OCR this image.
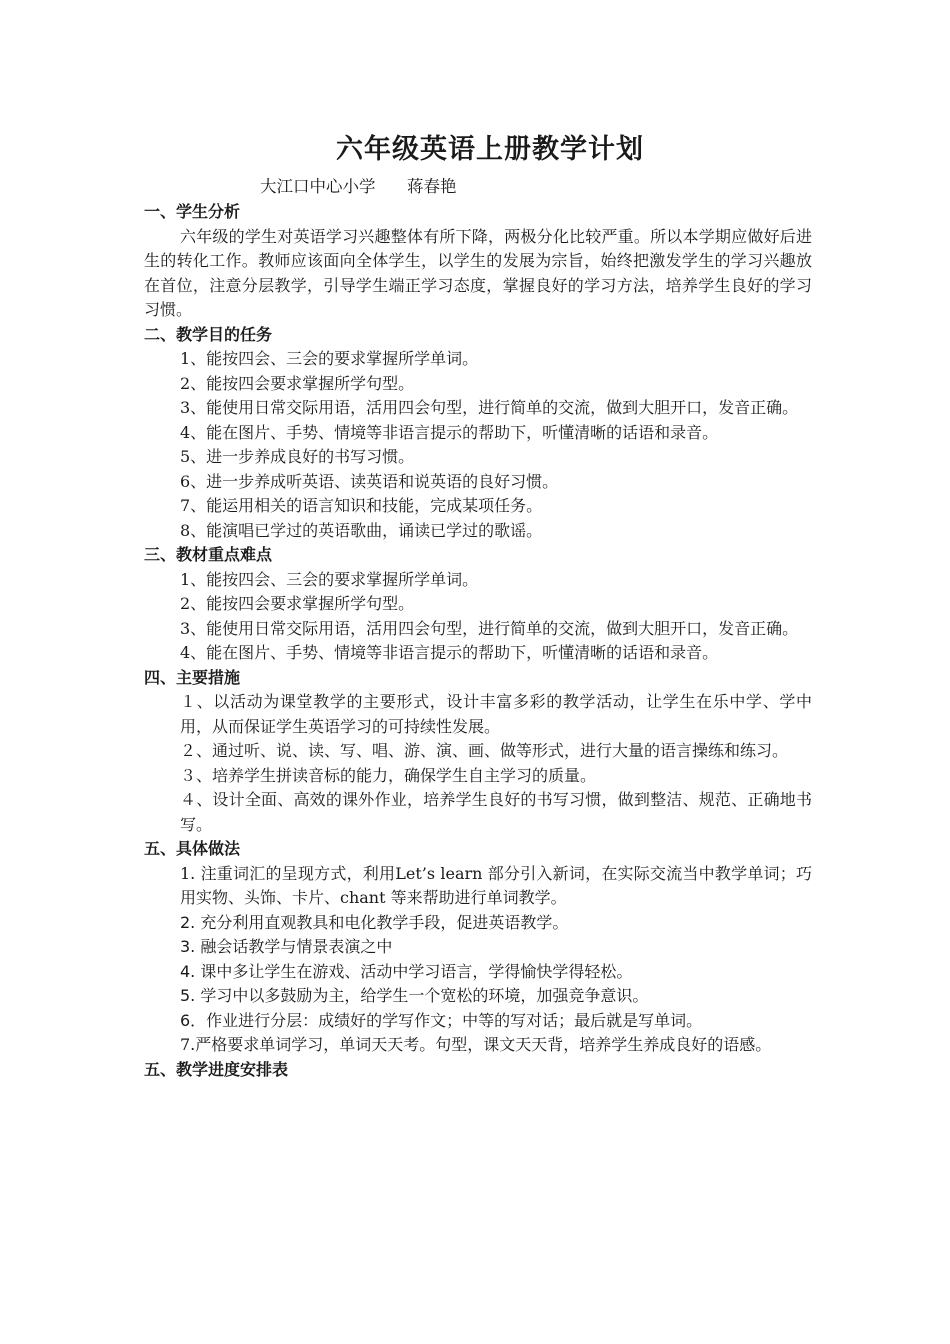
六年级英语上册教学计划
大江口中心小学      蒋春艳
一、学生分析

六年级的学生对英语学习兴趣整体有所下降，两极分化比较严重。所以本学期应做好后进生的转化工作。教师应该面向全体学生，以学生的发展为宗旨，始终把激发学生的学习兴趣放在首位，注意分层教学，引导学生端正学习态度，掌握良好的学习方法，培养学生良好的学习习惯。

二、教学目的任务

1、能按四会、三会的要求掌握所学单词。

2、能按四会要求掌握所学句型。

3、能使用日常交际用语，活用四会句型，进行简单的交流，做到大胆开口，发音正确。

4、能在图片、手势、情境等非语言提示的帮助下，听懂清晰的话语和录音。

5、进一步养成良好的书写习惯。

6、进一步养成听英语、读英语和说英语的良好习惯。

7、能运用相关的语言知识和技能，完成某项任务。

8、能演唱已学过的英语歌曲，诵读已学过的歌谣。

三、教材重点难点

1、能按四会、三会的要求掌握所学单词。

2、能按四会要求掌握所学句型。

3、能使用日常交际用语，活用四会句型，进行简单的交流，做到大胆开口，发音正确。

4、能在图片、手势、情境等非语言提示的帮助下，听懂清晰的话语和录音。

四、主要措施

１、以活动为课堂教学的主要形式，设计丰富多彩的教学活动，让学生在乐中学、学中用，从而保证学生英语学习的可持续性发展。

２、通过听、说、读、写、唱、游、演、画、做等形式，进行大量的语言操练和练习。

３、培养学生拼读音标的能力，确保学生自主学习的质量。

４、设计全面、高效的课外作业，培养学生良好的书写习惯，做到整洁、规范、正确地书写。

五、具体做法

1. 注重词汇的呈现方式，利用Let’s learn 部分引入新词，在实际交流当中教学单词；巧用实物、头饰、卡片、chant 等来帮助进行单词教学。

2. 充分利用直观教具和电化教学手段，促进英语教学。

3. 融会话教学与情景表演之中

4. 课中多让学生在游戏、活动中学习语言，学得愉快学得轻松。

5. 学习中以多鼓励为主，给学生一个宽松的环境，加强竞争意识。

6．作业进行分层：成绩好的学写作文；中等的写对话；最后就是写单词。

7.严格要求单词学习，单词天天考。句型，课文天天背，培养学生养成良好的语感。

五、教学进度安排表
